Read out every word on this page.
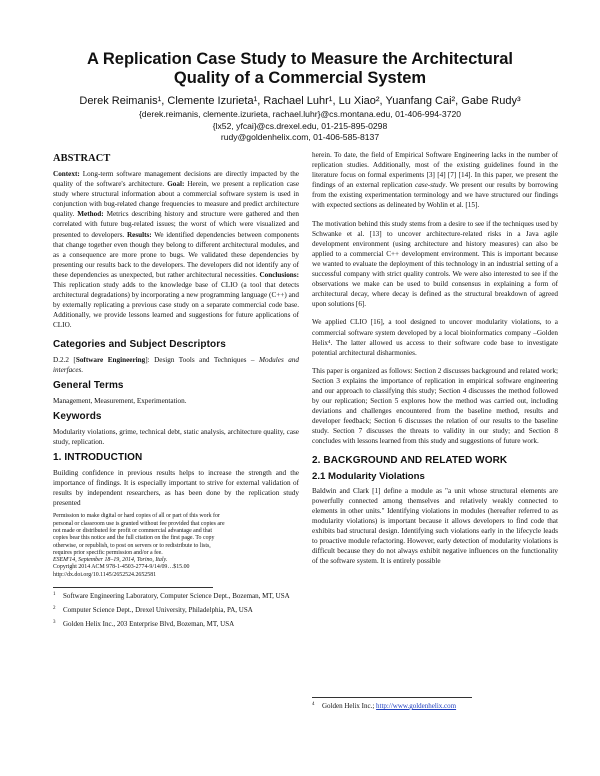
A Replication Case Study to Measure the Architectural
Quality of a Commercial System
Derek Reimanis¹, Clemente Izurieta¹, Rachael Luhr¹, Lu Xiao², Yuanfang Cai², Gabe Rudy³
{derek.reimanis, clemente.izurieta, rachael.luhr}@cs.montana.edu, 01-406-994-3720
{lx52, yfcai}@cs.drexel.edu, 01-215-895-0298
rudy@goldenhelix.com, 01-406-585-8137
ABSTRACT

Context: Long-term software management decisions are directly impacted by the quality of the software's architecture. Goal: Herein, we present a replication case study where structural information about a commercial software system is used in conjunction with bug-related change frequencies to measure and predict architecture quality. Method: Metrics describing history and structure were gathered and then correlated with future bug-related issues; the worst of which were visualized and presented to developers. Results: We identified dependencies between components that change together even though they belong to different architectural modules, and as a consequence are more prone to bugs. We validated these dependencies by presenting our results back to the developers. The developers did not identify any of these dependencies as unexpected, but rather architectural necessities. Conclusions: This replication study adds to the knowledge base of CLIO (a tool that detects architectural degradations) by incorporating a new programming language (C++) and by externally replicating a previous case study on a separate commercial code base. Additionally, we provide lessons learned and suggestions for future applications of CLIO.

Categories and Subject Descriptors

D.2.2 [Software Engineering]: Design Tools and Techniques – Modules and interfaces.

General Terms

Management, Measurement, Experimentation.

Keywords

Modularity violations, grime, technical debt, static analysis, architecture quality, case study, replication.

1. INTRODUCTION

Building confidence in previous results helps to increase the strength and the importance of findings. It is especially important to strive for external validation of results by independent researchers, as has been done by the replication study presented

Permission to make digital or hard copies of all or part of this work for
personal or classroom use is granted without fee provided that copies are
not made or distributed for profit or commercial advantage and that
copies bear this notice and the full citation on the first page. To copy
otherwise, or republish, to post on servers or to redistribute to lists,
requires prior specific permission and/or a fee.
ESEM'14, September 18–19, 2014, Torino, Italy.
Copyright 2014 ACM 978-1-4503-2774-9/14/09…$15.00
http://dx.doi.org/10.1145/2652524.2652581
1	Software Engineering Laboratory, Computer Science Dept., Bozeman, MT, USA
2	Computer Science Dept., Drexel University, Philadelphia, PA, USA
3	Golden Helix Inc., 203 Enterprise Blvd, Bozeman, MT, USA

herein. To date, the field of Empirical Software Engineering lacks in the number of replication studies. Additionally, most of the existing guidelines found in the literature focus on formal experiments [3] [4] [7] [14]. In this paper, we present the findings of an external replication case-study. We present our results by borrowing from the existing experimentation terminology and we have structured our findings with expected sections as delineated by Wohlin et al. [15].

The motivation behind this study stems from a desire to see if the techniques used by Schwanke et al. [13] to uncover architecture-related risks in a Java agile development environment (using architecture and history measures) can also be applied to a commercial C++ development environment. This is important because we wanted to evaluate the deployment of this technology in an industrial setting of a successful company with strict quality controls. We were also interested to see if the observations we make can be used to build consensus in explaining a form of architectural decay, where decay is defined as the structural breakdown of agreed upon solutions [6].

We applied CLIO [16], a tool designed to uncover modularity violations, to a commercial software system developed by a local bioinformatics company –Golden Helix⁴. The latter allowed us access to their software code base to investigate potential architectural disharmonies.

This paper is organized as follows: Section 2 discusses background and related work; Section 3 explains the importance of replication in empirical software engineering and our approach to classifying this study; Section 4 discusses the method followed by our replication; Section 5 explores how the method was carried out, including deviations and challenges encountered from the baseline method, results and developer feedback; Section 6 discusses the relation of our results to the baseline study. Section 7 discusses the threats to validity in our study; and Section 8 concludes with lessons learned from this study and suggestions of future work.

2. BACKGROUND AND RELATED WORK
2.1 Modularity Violations

Baldwin and Clark [1] define a module as "a unit whose structural elements are powerfully connected among themselves and relatively weakly connected to elements in other units." Identifying violations in modules (hereafter referred to as modularity violations) is important because it allows developers to find code that exhibits bad structural design. Identifying such violations early in the lifecycle leads to proactive module refactoring. However, early detection of modularity violations is difficult because they do not always exhibit negative influences on the functionality of the software system. It is entirely possible

4	Golden Helix Inc.; http://www.goldenhelix.com
